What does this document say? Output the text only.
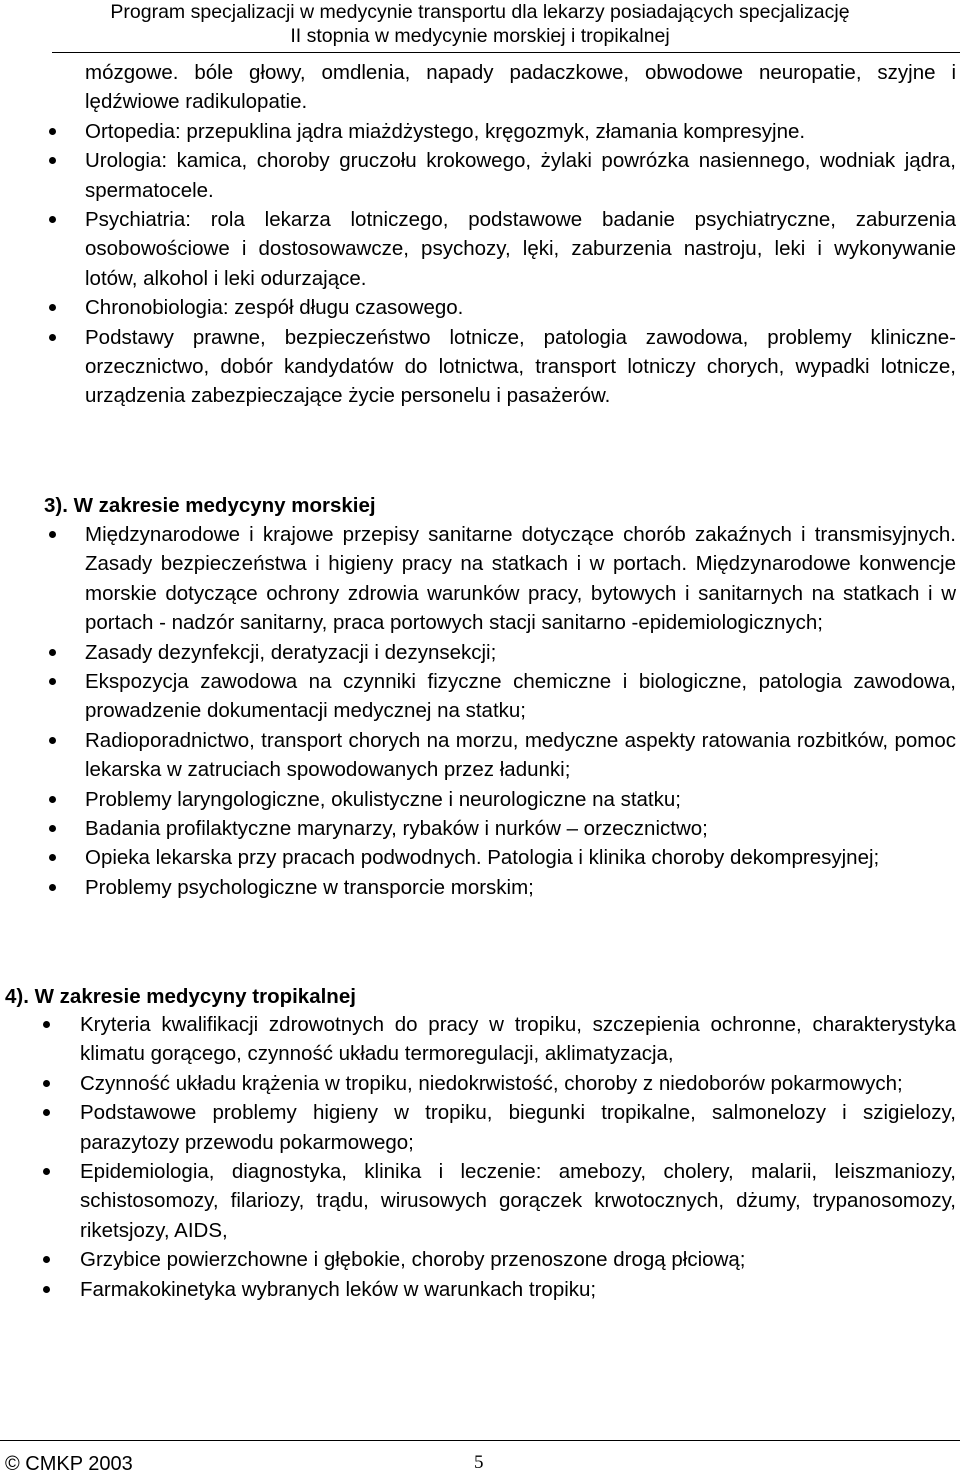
Program specjalizacji w medycynie transportu dla lekarzy posiadających specjalizację
II stopnia w medycynie morskiej i tropikalnej
mózgowe. bóle głowy, omdlenia, napady padaczkowe, obwodowe neuropatie, szyjne i lędźwiowe radikulopatie.
Ortopedia: przepuklina jądra miażdżystego, kręgozmyk, złamania kompresyjne.
Urologia: kamica, choroby gruczołu krokowego, żylaki powrózka nasiennego, wodniak jądra, spermatocele.
Psychiatria: rola lekarza lotniczego, podstawowe badanie psychiatryczne, zaburzenia osobowościowe i dostosowawcze, psychozy, lęki, zaburzenia nastroju, leki i wykonywanie lotów, alkohol i leki odurzające.
Chronobiologia: zespół długu czasowego.
Podstawy prawne, bezpieczeństwo lotnicze, patologia zawodowa, problemy kliniczne-orzecznictwo, dobór kandydatów do lotnictwa, transport lotniczy chorych, wypadki lotnicze, urządzenia zabezpieczające życie personelu i pasażerów.
3). W zakresie medycyny morskiej
Międzynarodowe i krajowe przepisy sanitarne dotyczące chorób zakaźnych i transmisyjnych. Zasady bezpieczeństwa i higieny pracy na statkach i w portach. Międzynarodowe konwencje morskie dotyczące ochrony zdrowia warunków pracy, bytowych i sanitarnych na statkach i w portach - nadzór sanitarny, praca portowych stacji sanitarno -epidemiologicznych;
Zasady dezynfekcji, deratyzacji i dezynsekcji;
Ekspozycja zawodowa na czynniki fizyczne chemiczne i biologiczne, patologia zawodowa, prowadzenie dokumentacji medycznej na statku;
Radioporadnictwo, transport chorych na morzu, medyczne aspekty ratowania rozbitków, pomoc lekarska w zatruciach spowodowanych przez ładunki;
Problemy laryngologiczne, okulistyczne i neurologiczne na statku;
Badania profilaktyczne marynarzy, rybaków i nurków – orzecznictwo;
Opieka lekarska przy pracach podwodnych. Patologia i klinika choroby dekompresyjnej;
Problemy psychologiczne w transporcie morskim;
4). W zakresie medycyny tropikalnej
Kryteria kwalifikacji zdrowotnych do pracy w tropiku, szczepienia ochronne, charakterystyka klimatu gorącego, czynność układu termoregulacji, aklimatyzacja,
Czynność układu krążenia w tropiku, niedokrwistość, choroby z niedoborów pokarmowych;
Podstawowe problemy higieny w tropiku, biegunki tropikalne, salmonelozy i szigielozy, parazytozy przewodu pokarmowego;
Epidemiologia, diagnostyka, klinika i leczenie: amebozy, cholery, malarii, leiszmaniozy, schistosomozy, filariozy, trądu, wirusowych gorączek krwotocznych, dżumy, trypanosomozy, riketsjozy, AIDS,
Grzybice powierzchowne i głębokie, choroby przenoszone drogą płciową;
Farmakokinetyka wybranych leków w warunkach tropiku;
© CMKP 2003	5
